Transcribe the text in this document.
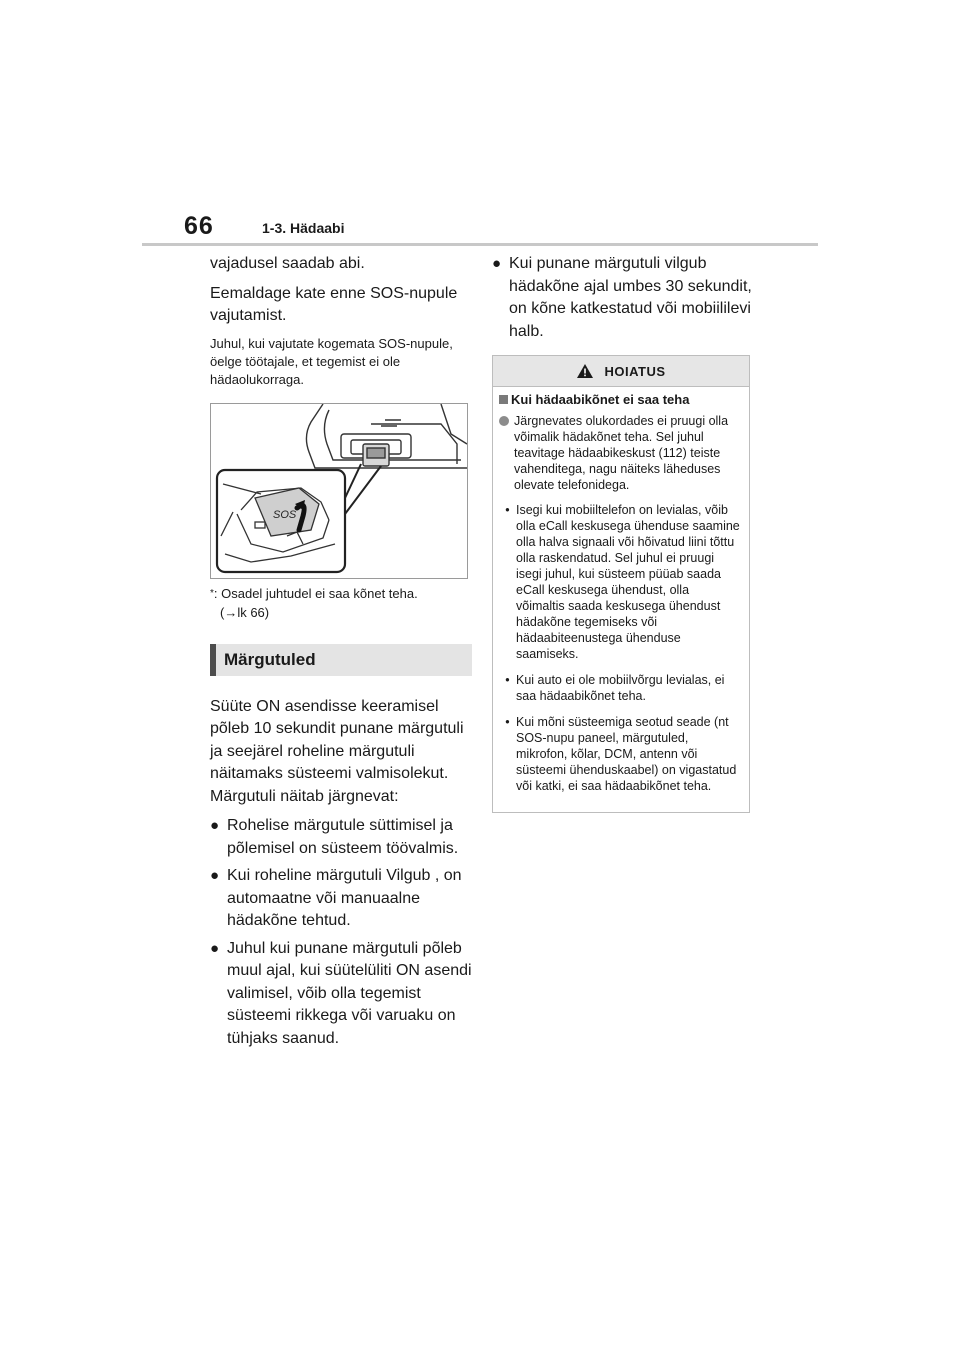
66	1-3. Hädaabi

vajadusel saadab abi.

Eemaldage kate enne SOS-nupule vajutamist.

Juhul, kui vajutate kogemata SOS-nupule, öelge töötajale, et tegemist ei ole hädaolukorraga.

SOS
*: Osadel juhtudel ei saa kõnet teha.
(→lk 66)
Märgutuled

Süüte ON asendisse keeramisel põleb 10 sekundit punane märgutuli ja seejärel roheline märgutuli näitamaks süsteemi valmisolekut. Märgutuli näitab järgnevat:

● Rohelise märgutule süttimisel ja põlemisel on süsteem töövalmis.
● Kui roheline märgutuli Vilgub , on automaatne või manuaalne hädakõne tehtud.
● Juhul kui punane märgutuli põleb muul ajal, kui süütelüliti ON asendi valimisel, võib olla tegemist süsteemi rikkega või varuaku on tühjaks saanud.
● Kui punane märgutuli vilgub hädakõne ajal umbes 30 sekundit, on kõne katkestatud või mobiililevi halb.
HOIATUS
Kui hädaabikõnet ei saa teha
Järgnevates olukordades ei pruugi olla võimalik hädakõnet teha. Sel juhul teavitage hädaabikeskust (112) teiste vahenditega, nagu näiteks läheduses olevate telefonidega.
• Isegi kui mobiiltelefon on levialas, võib olla eCall keskusega ühenduse saamine olla halva signaali või hõivatud liini tõttu olla raskendatud. Sel juhul ei pruugi isegi juhul, kui süsteem püüab saada eCall keskusega ühendust, olla võimaltis saada keskusega ühendust hädakõne tegemiseks või hädaabiteenustega ühenduse saamiseks.
• Kui auto ei ole mobiilvõrgu levialas, ei saa hädaabikõnet teha.
• Kui mõni süsteemiga seotud seade (nt SOS-nupu paneel, märgutuled, mikrofon, kõlar, DCM, antenn või süsteemi ühenduskaabel) on vigastatud või katki, ei saa hädaabikõnet teha.
